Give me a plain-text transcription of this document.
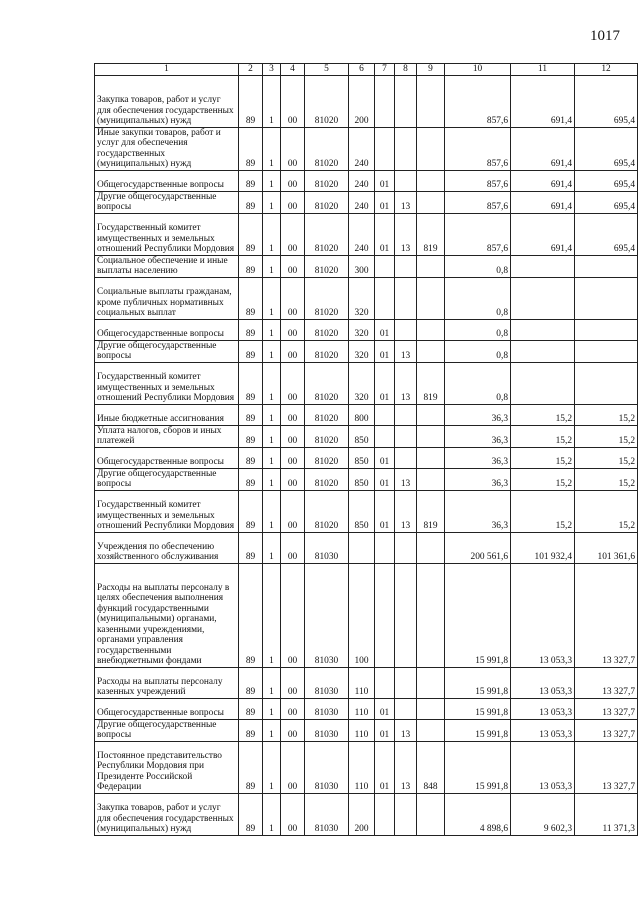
1017
1	2	3	4	5	6	7	8	9	10	11	12
Закупка товаров, работ и услуг для обеспечения государственных (муниципальных) нужд	89	1	00	81020	200				857,6	691,4	695,4
Иные закупки товаров, работ и услуг для обеспечения государственных (муниципальных) нужд	89	1	00	81020	240				857,6	691,4	695,4
Общегосударственные вопросы	89	1	00	81020	240	01			857,6	691,4	695,4
Другие общегосударственные вопросы	89	1	00	81020	240	01	13		857,6	691,4	695,4
Государственный комитет имущественных и земельных отношений Республики Мордовия	89	1	00	81020	240	01	13	819	857,6	691,4	695,4
Социальное обеспечение и иные выплаты населению	89	1	00	81020	300				0,8		
Социальные выплаты гражданам, кроме публичных нормативных социальных выплат	89	1	00	81020	320				0,8		
Общегосударственные вопросы	89	1	00	81020	320	01			0,8		
Другие общегосударственные вопросы	89	1	00	81020	320	01	13		0,8		
Государственный комитет имущественных и земельных отношений Республики Мордовия	89	1	00	81020	320	01	13	819	0,8		
Иные бюджетные ассигнования	89	1	00	81020	800				36,3	15,2	15,2
Уплата налогов, сборов и иных платежей	89	1	00	81020	850				36,3	15,2	15,2
Общегосударственные вопросы	89	1	00	81020	850	01			36,3	15,2	15,2
Другие общегосударственные вопросы	89	1	00	81020	850	01	13		36,3	15,2	15,2
Государственный комитет имущественных и земельных отношений Республики Мордовия	89	1	00	81020	850	01	13	819	36,3	15,2	15,2
Учреждения по обеспечению хозяйственного обслуживания	89	1	00	81030					200 561,6	101 932,4	101 361,6
Расходы на выплаты персоналу в целях обеспечения выполнения функций государственными (муниципальными) органами, казенными учреждениями, органами управления государственными внебюджетными фондами	89	1	00	81030	100				15 991,8	13 053,3	13 327,7
Расходы на выплаты персоналу казенных учреждений	89	1	00	81030	110				15 991,8	13 053,3	13 327,7
Общегосударственные вопросы	89	1	00	81030	110	01			15 991,8	13 053,3	13 327,7
Другие общегосударственные вопросы	89	1	00	81030	110	01	13		15 991,8	13 053,3	13 327,7
Постоянное представительство Республики Мордовия при Президенте Российской Федерации	89	1	00	81030	110	01	13	848	15 991,8	13 053,3	13 327,7
Закупка товаров, работ и услуг для обеспечения государственных (муниципальных) нужд	89	1	00	81030	200				4 898,6	9 602,3	11 371,3
